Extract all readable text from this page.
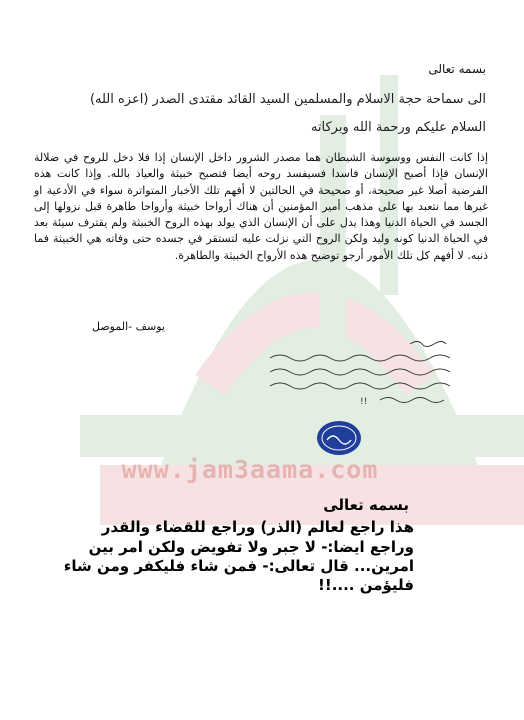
www.jam3aama.com
بسمه تعالى
الى سماحة حجة الاسلام والمسلمين السيد القائد مقتدى الصدر (اعزه الله)
السلام عليكم ورحمة الله وبركاته
إذا كانت النفس ووسوسة الشيطان هما مصدر الشرور داخل الإنسان إذا فلا دخل للروح في ضلالة الإنسان فإذا أصبح الإنسان فاسدا فسيفسد روحه أيضا فتصبح خبيثة والعياذ بالله. وإذا كانت هذه الفرضية أصلا غير صحيحة، أو صحيحة في الحالتين لا أفهم تلك الأخبار المتواترة سواء في الأدعية او غيرها مما نتعبد بها على مذهب أمير المؤمنين أن هناك أرواحا خبيثة وأرواحا طاهرة قبل نزولها إلى الجسد في الحياة الدنيا وهذا يدل على أن الإنسان الذي يولد بهذه الروح الخبيثة ولم يقترف سيئة بعد في الحياة الدنيا كونه وليد ولكن الروح التي نزلت عليه لتستقر في جسده حتى وفاته هي الخبيثة فما ذنبه. لا أفهم كل تلك الأمور أرجو توضيح هذه الأرواح الخبيثة والطاهرة.
يوسف -الموصل
!!
بسمه تعالى
هذا راجع لعالم (الذر) وراجع للقضاء والقدر
وراجع ايضا:- لا جبر ولا تفويض ولكن امر بين
امرين... قال تعالى:- فمن شاء فليكفر ومن شاء
فليؤمن ....!!
